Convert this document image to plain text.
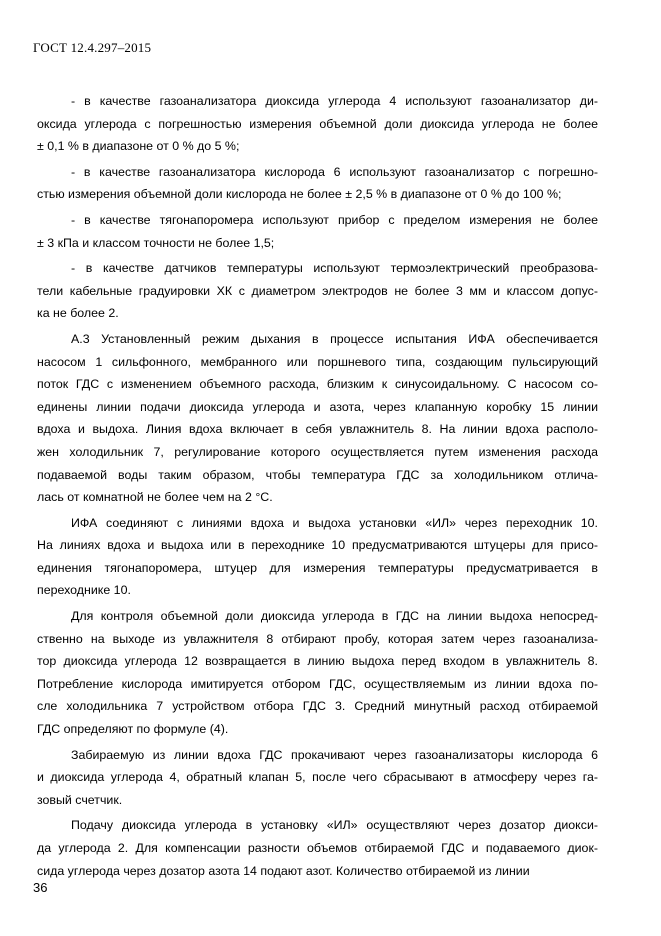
ГОСТ 12.4.297–2015
- в качестве газоанализатора диоксида углерода 4 используют газоанализатор ди-
оксида углерода с погрешностью измерения объемной доли диоксида углерода не более
± 0,1 % в диапазоне от 0 % до 5 %;
- в качестве газоанализатора кислорода 6 используют газоанализатор с погрешно-
стью измерения объемной доли кислорода не более ± 2,5 % в диапазоне от 0 % до 100 %;
- в качестве тягонапоромера используют прибор с пределом измерения не более
± 3 кПа и классом точности не более 1,5;
- в качестве датчиков температуры используют термоэлектрический преобразова-
тели кабельные градуировки ХК с диаметром электродов не более 3 мм и классом допус-
ка не более 2.
А.3 Установленный режим дыхания в процессе испытания ИФА обеспечивается
насосом 1 сильфонного, мембранного или поршневого типа, создающим пульсирующий
поток ГДС с изменением объемного расхода, близким к синусоидальному. С насосом со-
единены линии подачи диоксида углерода и азота, через клапанную коробку 15 линии
вдоха и выдоха. Линия вдоха включает в себя увлажнитель 8. На линии вдоха располо-
жен холодильник 7, регулирование которого осуществляется путем изменения расхода
подаваемой воды таким образом, чтобы температура ГДС за холодильником отлича-
лась от комнатной не более чем на 2 °С.
ИФА соединяют с линиями вдоха и выдоха установки «ИЛ» через переходник 10.
На линиях вдоха и выдоха или в переходнике 10 предусматриваются штуцеры для присо-
единения тягонапоромера, штуцер для измерения температуры предусматривается в
переходнике 10.
Для контроля объемной доли диоксида углерода в ГДС на линии выдоха непосред-
ственно на выходе из увлажнителя 8 отбирают пробу, которая затем через газоанализа-
тор диоксида углерода 12 возвращается в линию выдоха перед входом в увлажнитель 8.
Потребление кислорода имитируется отбором ГДС, осуществляемым из линии вдоха по-
сле холодильника 7 устройством отбора ГДС 3. Средний минутный расход отбираемой
ГДС определяют по формуле (4).
Забираемую из линии вдоха ГДС прокачивают через газоанализаторы кислорода 6
и диоксида углерода 4, обратный клапан 5, после чего сбрасывают в атмосферу через га-
зовый счетчик.
Подачу диоксида углерода в установку «ИЛ» осуществляют через дозатор диокси-
да углерода 2. Для компенсации разности объемов отбираемой ГДС и подаваемого диок-
сида углерода через дозатор азота 14 подают азот. Количество отбираемой из линии
36
